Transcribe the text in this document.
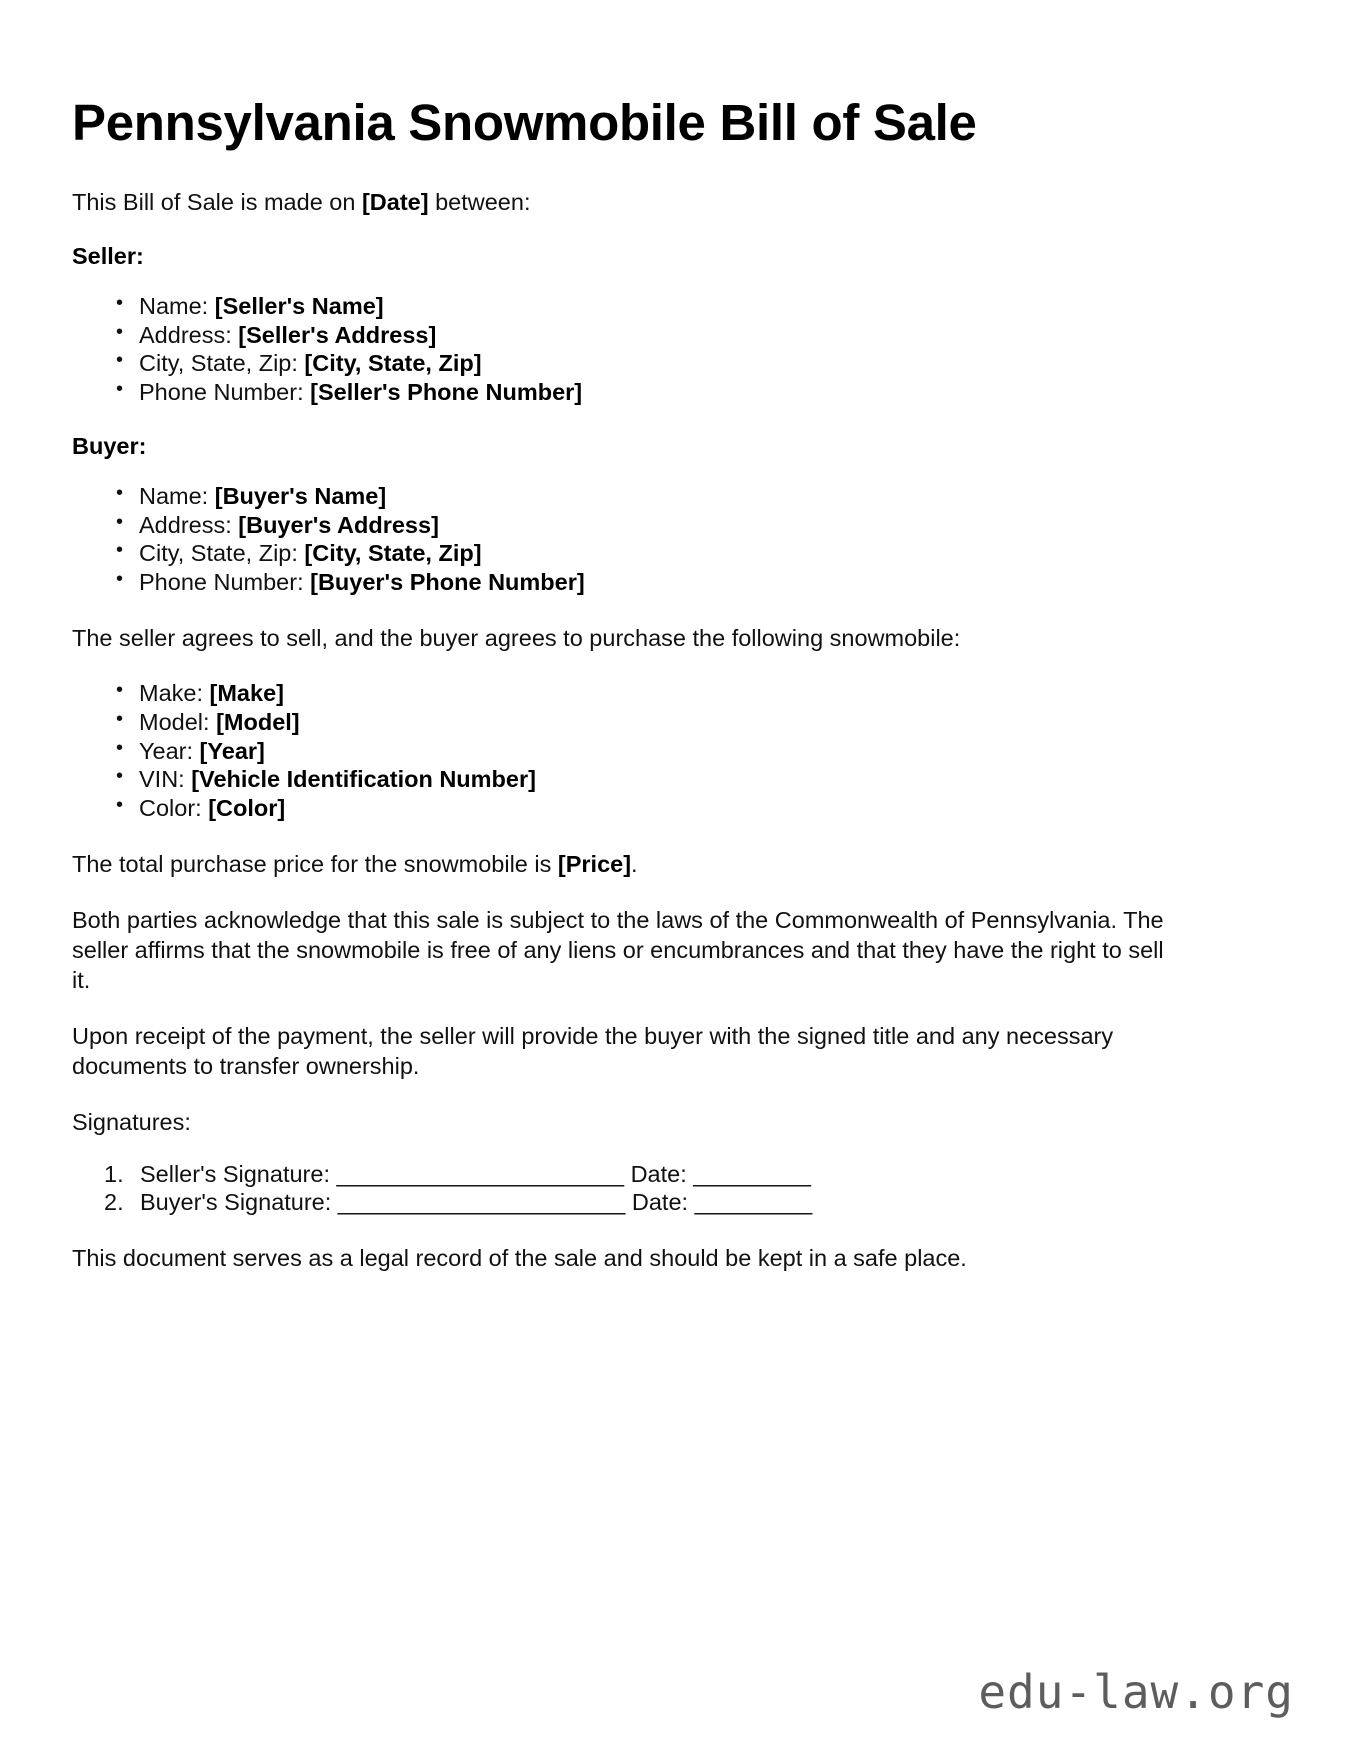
Pennsylvania Snowmobile Bill of Sale

This Bill of Sale is made on [Date] between:

Seller:
• Name: [Seller's Name]
• Address: [Seller's Address]
• City, State, Zip: [City, State, Zip]
• Phone Number: [Seller's Phone Number]
Buyer:
• Name: [Buyer's Name]
• Address: [Buyer's Address]
• City, State, Zip: [City, State, Zip]
• Phone Number: [Buyer's Phone Number]

The seller agrees to sell, and the buyer agrees to purchase the following snowmobile:

• Make: [Make]
• Model: [Model]
• Year: [Year]
• VIN: [Vehicle Identification Number]
• Color: [Color]

The total purchase price for the snowmobile is [Price].

Both parties acknowledge that this sale is subject to the laws of the Commonwealth of Pennsylvania. The seller affirms that the snowmobile is free of any liens or encumbrances and that they have the right to sell it.

Upon receipt of the payment, the seller will provide the buyer with the signed title and any necessary documents to transfer ownership.

Signatures:

Seller's Signature: ______________________ Date: _________
Buyer's Signature: ______________________ Date: _________

This document serves as a legal record of the sale and should be kept in a safe place.

edu-law.org
